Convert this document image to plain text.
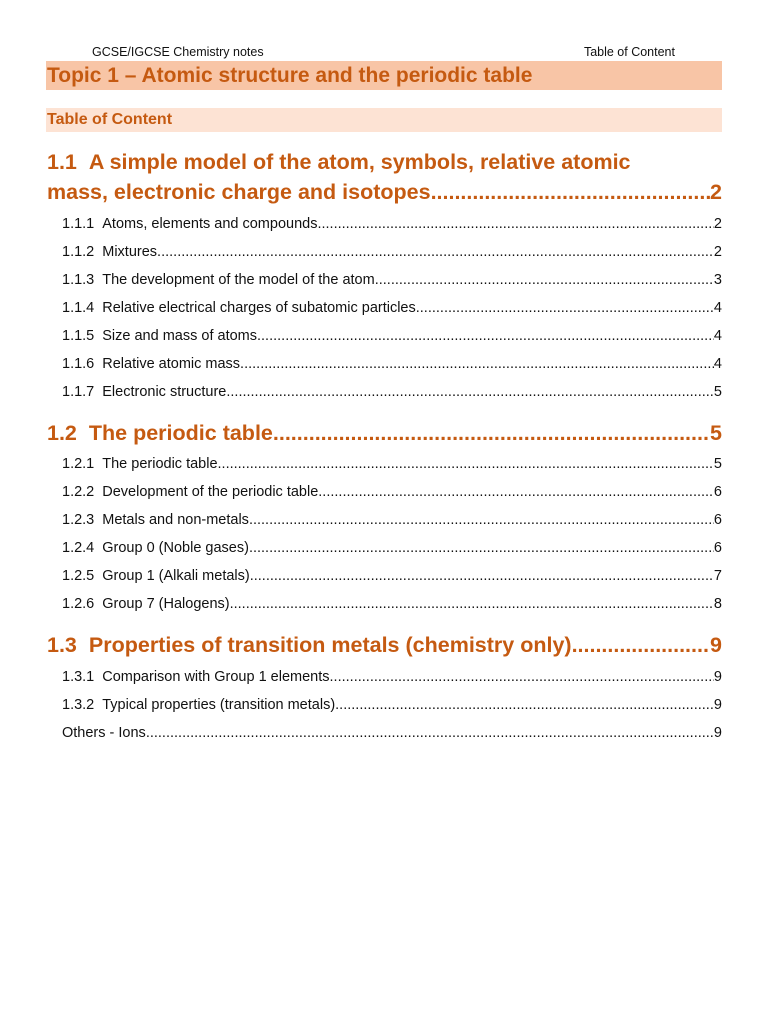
GCSE/IGCSE Chemistry notes	Table of Content
Topic 1 – Atomic structure and the periodic table
Table of Content
1.1 A simple model of the atom, symbols, relative atomic
mass, electronic charge and isotopes .....	2
1.1.1 Atoms, elements and compounds .....	2
1.1.2 Mixtures .....	2
1.1.3 The development of the model of the atom .....	3
1.1.4 Relative electrical charges of subatomic particles .....	4
1.1.5 Size and mass of atoms .....	4
1.1.6 Relative atomic mass .....	4
1.1.7 Electronic structure .....	5
1.2 The periodic table .....	5
1.2.1 The periodic table .....	5
1.2.2 Development of the periodic table .....	6
1.2.3 Metals and non-metals .....	6
1.2.4 Group 0 (Noble gases) .....	6
1.2.5 Group 1 (Alkali metals) .....	7
1.2.6 Group 7 (Halogens) .....	8
1.3 Properties of transition metals (chemistry only) .....	9
1.3.1 Comparison with Group 1 elements .....	9
1.3.2 Typical properties (transition metals) .....	9
Others - Ions .....	9
